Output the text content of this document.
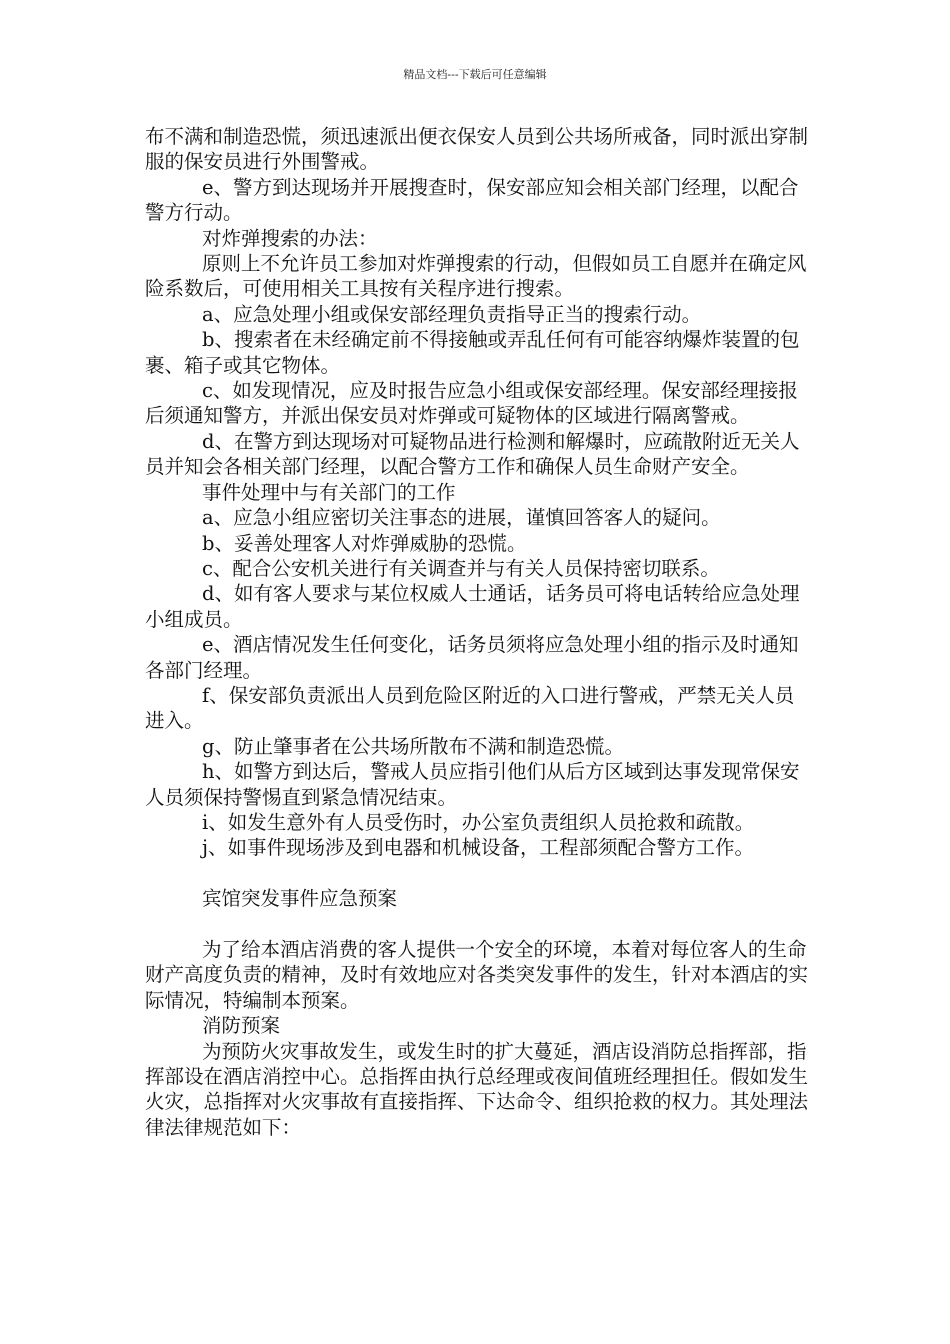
精品文档---下载后可任意编辑

布不满和制造恐慌，须迅速派出便衣保安人员到公共场所戒备，同时派出穿制服的保安员进行外围警戒。

e、警方到达现场并开展搜查时，保安部应知会相关部门经理，以配合警方行动。

对炸弹搜索的办法：

原则上不允许员工参加对炸弹搜索的行动，但假如员工自愿并在确定风险系数后，可使用相关工具按有关程序进行搜索。

a、应急处理小组或保安部经理负责指导正当的搜索行动。

b、搜索者在未经确定前不得接触或弄乱任何有可能容纳爆炸装置的包裹、箱子或其它物体。

c、如发现情况，应及时报告应急小组或保安部经理。保安部经理接报后须通知警方，并派出保安员对炸弹或可疑物体的区域进行隔离警戒。

d、在警方到达现场对可疑物品进行检测和解爆时，应疏散附近无关人员并知会各相关部门经理，以配合警方工作和确保人员生命财产安全。

事件处理中与有关部门的工作

a、应急小组应密切关注事态的进展，谨慎回答客人的疑问。

b、妥善处理客人对炸弹威胁的恐慌。

c、配合公安机关进行有关调查并与有关人员保持密切联系。

d、如有客人要求与某位权威人士通话，话务员可将电话转给应急处理小组成员。

e、酒店情况发生任何变化，话务员须将应急处理小组的指示及时通知各部门经理。

f、保安部负责派出人员到危险区附近的入口进行警戒，严禁无关人员进入。

g、防止肇事者在公共场所散布不满和制造恐慌。

h、如警方到达后，警戒人员应指引他们从后方区域到达事发现常保安人员须保持警惕直到紧急情况结束。

i、如发生意外有人员受伤时，办公室负责组织人员抢救和疏散。

j、如事件现场涉及到电器和机械设备，工程部须配合警方工作。

宾馆突发事件应急预案

为了给本酒店消费的客人提供一个安全的环境，本着对每位客人的生命财产高度负责的精神，及时有效地应对各类突发事件的发生，针对本酒店的实际情况，特编制本预案。

消防预案

为预防火灾事故发生，或发生时的扩大蔓延，酒店设消防总指挥部，指挥部设在酒店消控中心。总指挥由执行总经理或夜间值班经理担任。假如发生火灾，总指挥对火灾事故有直接指挥、下达命令、组织抢救的权力。其处理法律法律规范如下：
